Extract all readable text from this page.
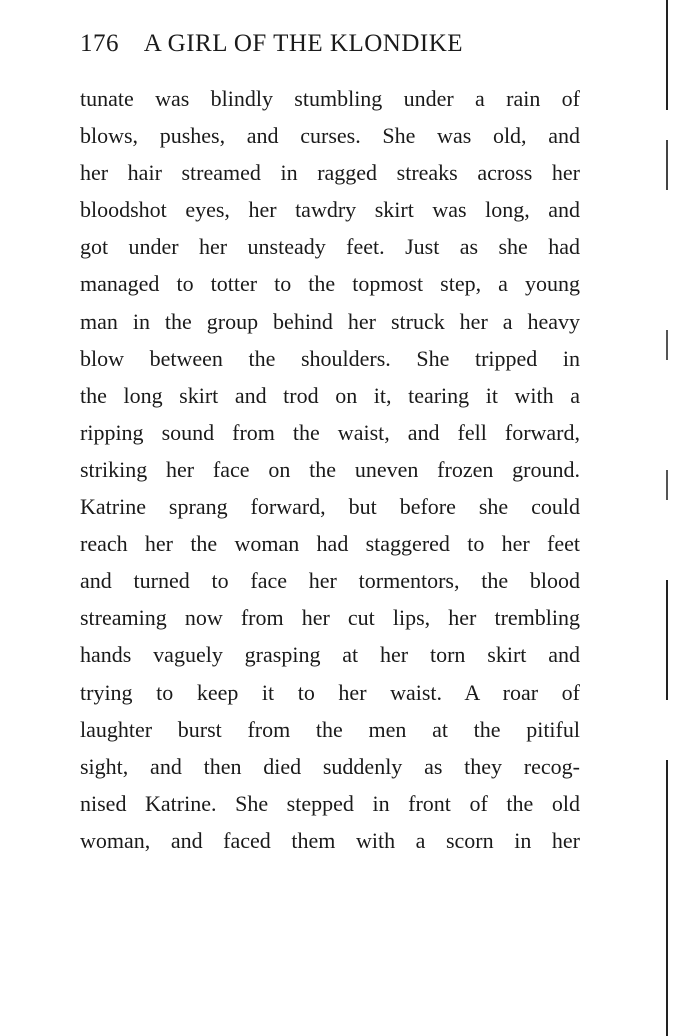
176 A GIRL OF THE KLONDIKE
tunate was blindly stumbling under a rain of
blows, pushes, and curses. She was old, and
her hair streamed in ragged streaks across her
bloodshot eyes, her tawdry skirt was long, and
got under her unsteady feet. Just as she had
managed to totter to the topmost step, a young
man in the group behind her struck her a heavy
blow between the shoulders. She tripped in
the long skirt and trod on it, tearing it with a
ripping sound from the waist, and fell forward,
striking her face on the uneven frozen ground.
Katrine sprang forward, but before she could
reach her the woman had staggered to her feet
and turned to face her tormentors, the blood
streaming now from her cut lips, her trembling
hands vaguely grasping at her torn skirt and
trying to keep it to her waist. A roar of
laughter burst from the men at the pitiful
sight, and then died suddenly as they recog-
nised Katrine. She stepped in front of the old
woman, and faced them with a scorn in her
